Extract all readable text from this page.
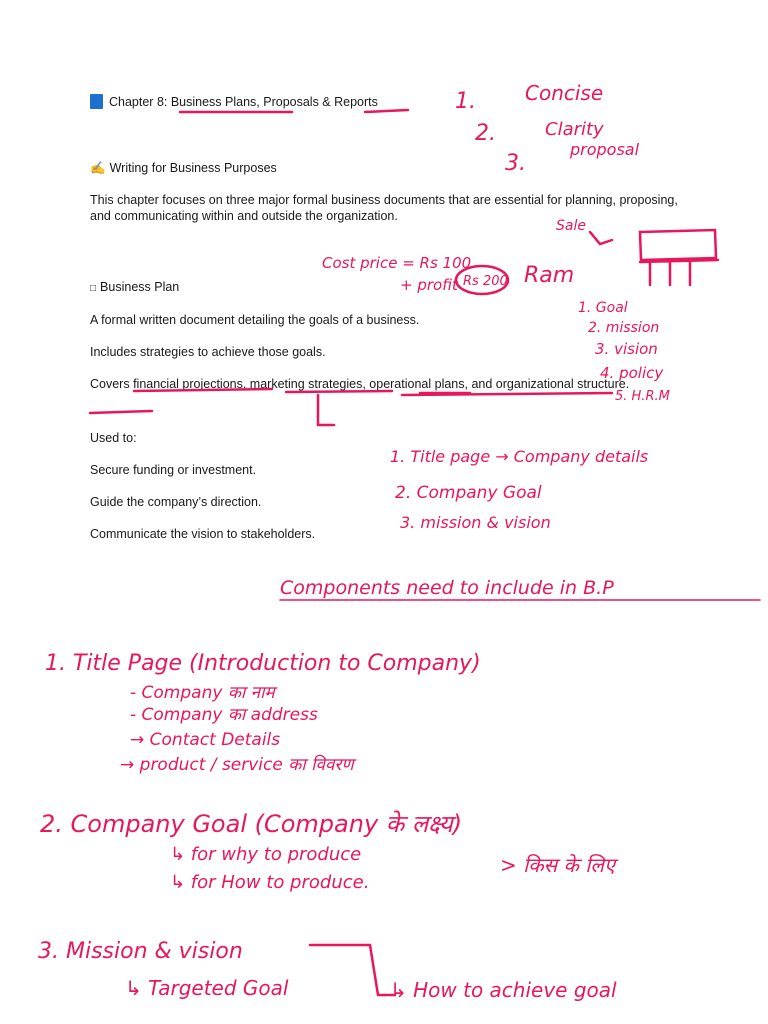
Chapter 8: Business Plans, Proposals & Reports
✍ Writing for Business Purposes
This chapter focuses on three major formal business documents that are essential for planning, proposing, and communicating within and outside the organization.
□ Business Plan
A formal written document detailing the goals of a business.
Includes strategies to achieve those goals.
Covers financial projections, marketing strategies, operational plans, and organizational structure.
Used to:
Secure funding or investment.
Guide the company’s direction.
Communicate the vision to stakeholders.
1. Concise
2.	Clarity
3.
proposal
Cost price = Rs 100
+ profit
Sale
Rs 200 Ram
1. Goal
2. mission
3. vision
4. policy
5. H.R.M
1. Title page → Company details
2. Company Goal
3. mission & vision
Components need to include in B.P
1. Title Page (Introduction to Company)
- Company का नाम
- Company का address
→ Contact Details
→ product / service का विवरण
2. Company Goal (Company के लक्ष्य)
↳ for why to produce
↳ for How to produce.
> किस के लिए
3. Mission & vision
↳ Targeted Goal	↳ How to achieve goal
